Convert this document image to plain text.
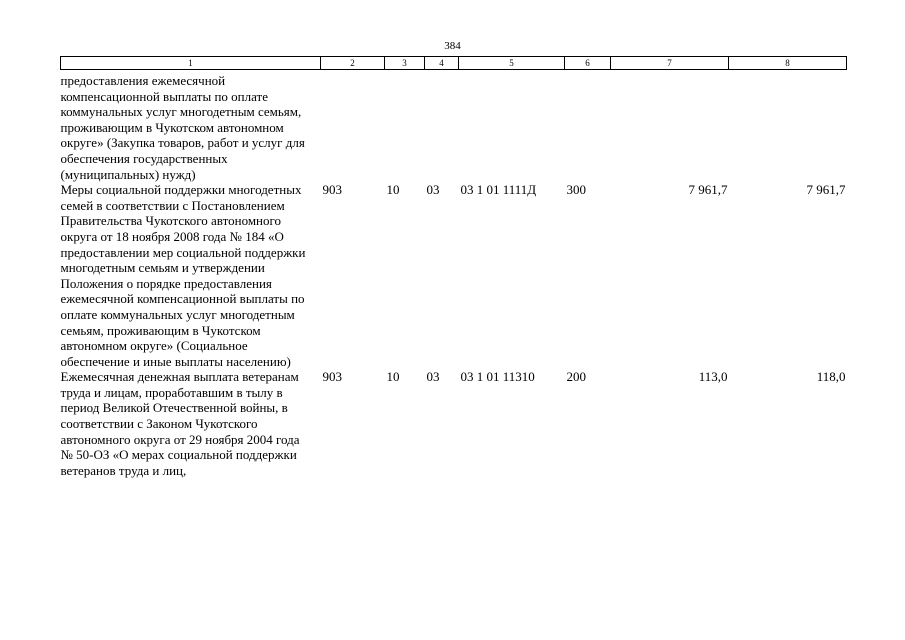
384
1	2	3	4	5	6	7	8
предоставления ежемесячной компенсационной выплаты по оплате коммунальных услуг многодетным семьям, проживающим в Чукотском автономном округе» (Закупка товаров, работ и услуг для обеспечения государственных (муниципальных) нужд)							
Меры социальной поддержки многодетных семей в соответствии с Постановлением Правительства Чукотского автономного округа от 18 ноября 2008 года № 184 «О предоставлении мер социальной поддержки многодетным семьям и утверждении Положения о порядке предоставления ежемесячной компенсационной выплаты по оплате коммунальных услуг многодетным семьям, проживающим в Чукотском автономном округе» (Социальное обеспечение и иные выплаты населению)	903	10	03	03 1 01 1111Д	300	7 961,7	7 961,7
Ежемесячная денежная выплата ветеранам труда и лицам, проработавшим в тылу в период Великой Отечественной войны, в соответствии с Законом Чукотского автономного округа от 29 ноября 2004 года № 50-ОЗ «О мерах социальной поддержки ветеранов труда и лиц,	903	10	03	03 1 01 11310	200	113,0	118,0
